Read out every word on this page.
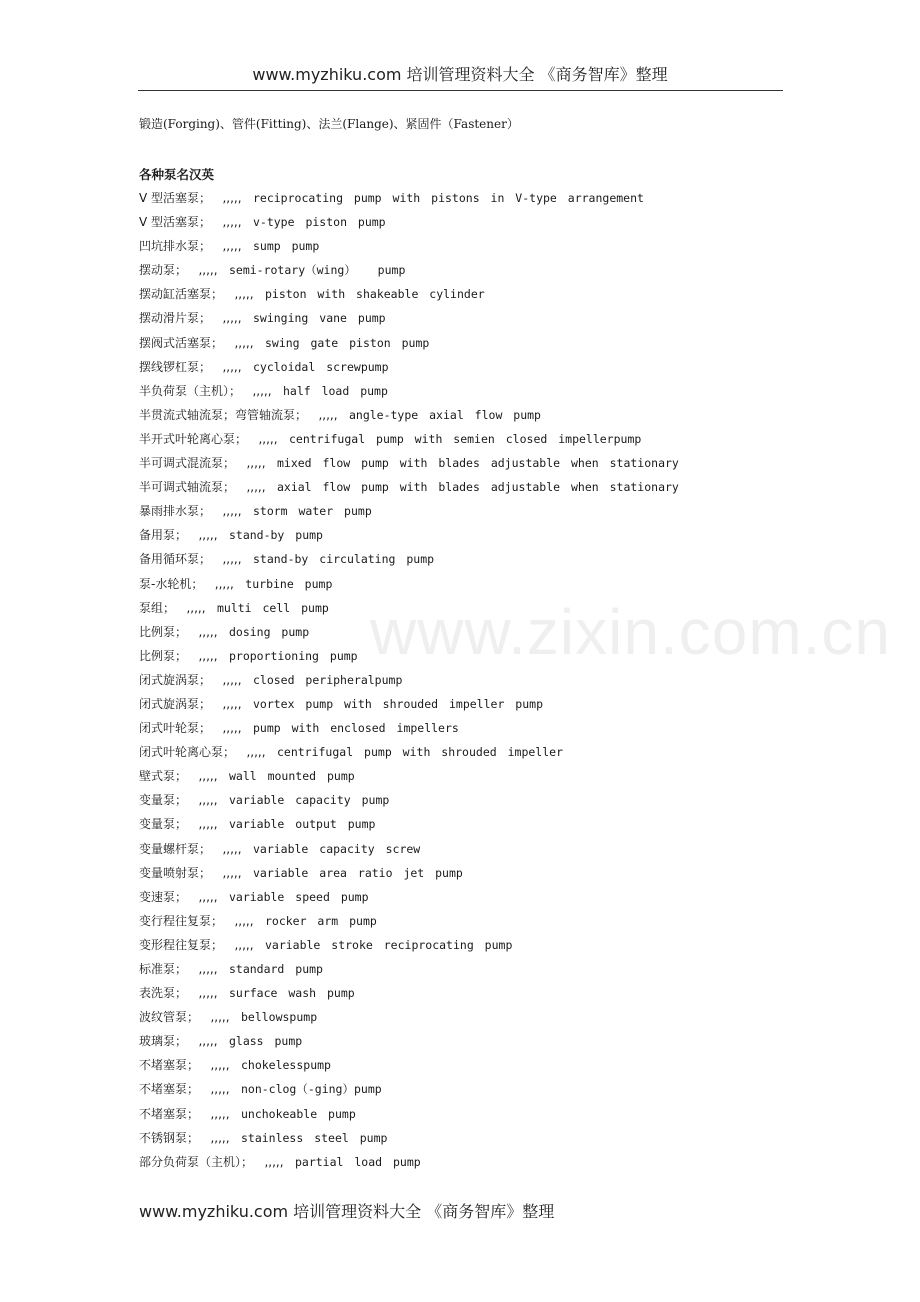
www.myzhiku.com 培训管理资料大全 《商务智库》整理
锻造(Forging)、管件(Fitting)、法兰(Flange)、紧固件（Fastener）
各种泵名汉英
V 型活塞泵；   ,,,,,   reciprocating pump with pistons in V-type arrangement
V 型活塞泵；   ,,,,,   v-type piston pump
凹坑排水泵；   ,,,,,   sump pump
摆动泵；   ,,,,,   semi-rotary（wing）  pump
摆动缸活塞泵；   ,,,,,   piston with shakeable cylinder
摆动滑片泵；   ,,,,,   swinging vane pump
摆阀式活塞泵；   ,,,,,   swing gate piston pump
摆线锣杠泵；   ,,,,,   cycloidal screwpump
半负荷泵（主机）；   ,,,,,   half load pump
半贯流式轴流泵；弯管轴流泵；   ,,,,,   angle-type axial flow pump
半开式叶轮离心泵；   ,,,,,   centrifugal pump with semien closed impellerpump
半可调式混流泵；   ,,,,,   mixed flow pump with blades adjustable when stationary
半可调式轴流泵；   ,,,,,   axial flow pump with blades adjustable when stationary
暴雨排水泵；   ,,,,,   storm water pump
备用泵；   ,,,,,   stand-by pump
备用循环泵；   ,,,,,   stand-by circulating pump
泵-水轮机；   ,,,,,   turbine pump
泵组；   ,,,,,   multi cell pump
比例泵；   ,,,,,   dosing pump
比例泵；   ,,,,,   proportioning pump
闭式旋涡泵；   ,,,,,   closed peripheralpump
闭式旋涡泵；   ,,,,,   vortex pump with shrouded impeller pump
闭式叶轮泵；   ,,,,,   pump with enclosed impellers
闭式叶轮离心泵；   ,,,,,   centrifugal pump with shrouded impeller
壁式泵；   ,,,,,   wall mounted pump
变量泵；   ,,,,,   variable capacity pump
变量泵；   ,,,,,   variable output pump
变量螺杆泵；   ,,,,,   variable capacity screw
变量喷射泵；   ,,,,,   variable area ratio jet pump
变速泵；   ,,,,,   variable speed pump
变行程往复泵；   ,,,,,   rocker arm pump
变形程往复泵；   ,,,,,   variable stroke reciprocating pump
标准泵；   ,,,,,   standard pump
表洗泵；   ,,,,,   surface wash pump
波纹管泵；   ,,,,,   bellowspump
玻璃泵；   ,,,,,   glass pump
不堵塞泵；   ,,,,,   chokelesspump
不堵塞泵；   ,,,,,   non-clog（-ging）pump
不堵塞泵；   ,,,,,   unchokeable pump
不锈钢泵；   ,,,,,   stainless steel pump
部分负荷泵（主机）；   ,,,,,   partial load pump
www.zixin.com.cn
www.myzhiku.com 培训管理资料大全 《商务智库》整理
